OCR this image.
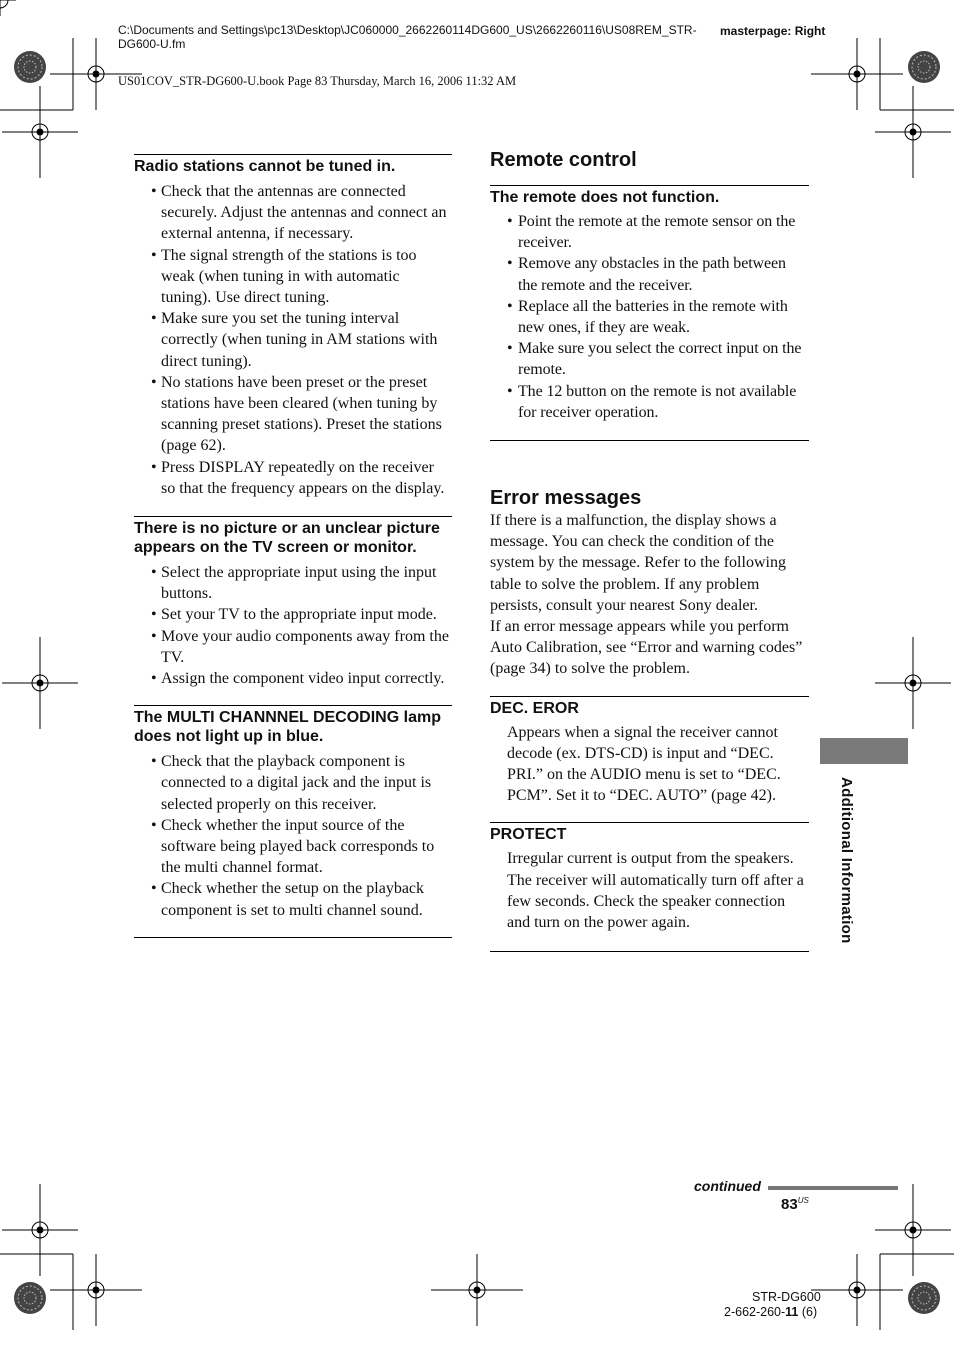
C:\Documents and Settings\pc13\Desktop\JC060000_2662260114DG600_US\2662260116\US08REM_STR-DG600-U.fm
US01COV_STR-DG600-U.book Page 83 Thursday, March 16, 2006 11:32 AM
masterpage: Right
Radio stations cannot be tuned in.
• Check that the antennas are connected securely. Adjust the antennas and connect an external antenna, if necessary.
• The signal strength of the stations is too weak (when tuning in with automatic tuning). Use direct tuning.
• Make sure you set the tuning interval correctly (when tuning in AM stations with direct tuning).
• No stations have been preset or the preset stations have been cleared (when tuning by scanning preset stations). Preset the stations (page 62).
• Press DISPLAY repeatedly on the receiver so that the frequency appears on the display.
There is no picture or an unclear picture appears on the TV screen or monitor.
• Select the appropriate input using the input buttons.
• Set your TV to the appropriate input mode.
• Move your audio components away from the TV.
• Assign the component video input correctly.
The MULTI CHANNNEL DECODING lamp does not light up in blue.
• Check that the playback component is connected to a digital jack and the input is selected properly on this receiver.
• Check whether the input source of the software being played back corresponds to the multi channel format.
• Check whether the setup on the playback component is set to multi channel sound.
Remote control
The remote does not function.
• Point the remote at the remote sensor on the receiver.
• Remove any obstacles in the path between the remote and the receiver.
• Replace all the batteries in the remote with new ones, if they are weak.
• Make sure you select the correct input on the remote.
• The 12 button on the remote is not available for receiver operation.
Error messages
If there is a malfunction, the display shows a message. You can check the condition of the system by the message. Refer to the following table to solve the problem. If any problem persists, consult your nearest Sony dealer.
If an error message appears while you perform Auto Calibration, see “Error and warning codes” (page 34) to solve the problem.
DEC. EROR
Appears when a signal the receiver cannot decode (ex. DTS-CD) is input and “DEC. PRI.” on the AUDIO menu is set to “DEC. PCM”. Set it to “DEC. AUTO” (page 42).
PROTECT
Irregular current is output from the speakers. The receiver will automatically turn off after a few seconds. Check the speaker connection and turn on the power again.	Additional Information
continued
$83^{US}$
STR-DG600
2-662-260-11 (6)
